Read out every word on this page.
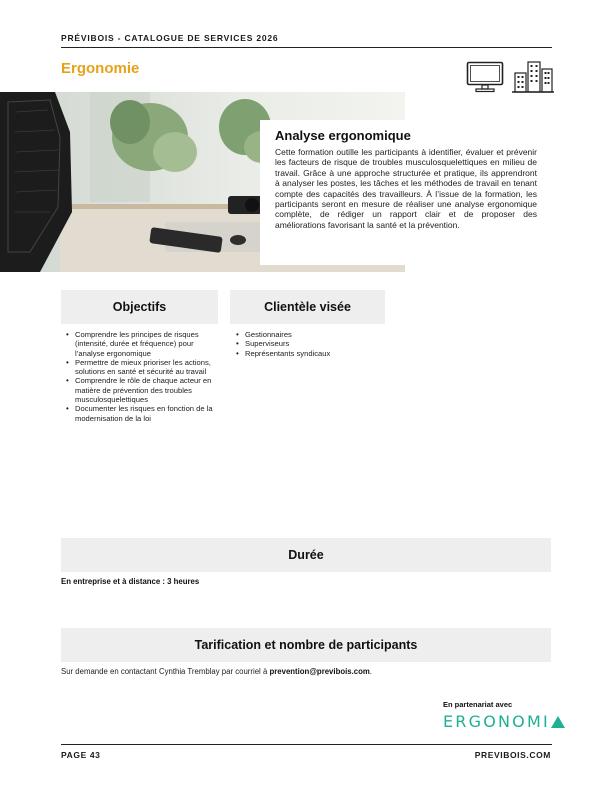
PRÉVIBOIS - CATALOGUE DE SERVICES 2026
Ergonomie
Analyse ergonomique

Cette formation outille les participants à identifier, évaluer et prévenir les facteurs de risque de troubles musculosquelettiques en milieu de travail. Grâce à une approche structurée et pratique, ils apprendront à analyser les postes, les tâches et les méthodes de travail en tenant compte des capacités des travailleurs. À l’issue de la formation, les participants seront en mesure de réaliser une analyse ergonomique complète, de rédiger un rapport clair et de proposer des améliorations favorisant la santé et la prévention.

Objectifs	Clientèle visée
• Comprendre les principes de risques (intensité, durée et fréquence) pour l’analyse ergonomique
• Permettre de mieux prioriser les actions, solutions en santé et sécurité au travail
• Comprendre le rôle de chaque acteur en matière de prévention des troubles musculosquelettiques
• Documenter les risques en fonction de la modernisation de la loi
• Gestionnaires
• Superviseurs
• Représentants syndicaux
Durée
En entreprise et à distance : 3 heures
Tarification et nombre de participants
Sur demande en contactant Cynthia Tremblay par courriel à prevention@previbois.com.
En partenariat avec
ERGONOMI
PAGE 43	PREVIBOIS.COM
